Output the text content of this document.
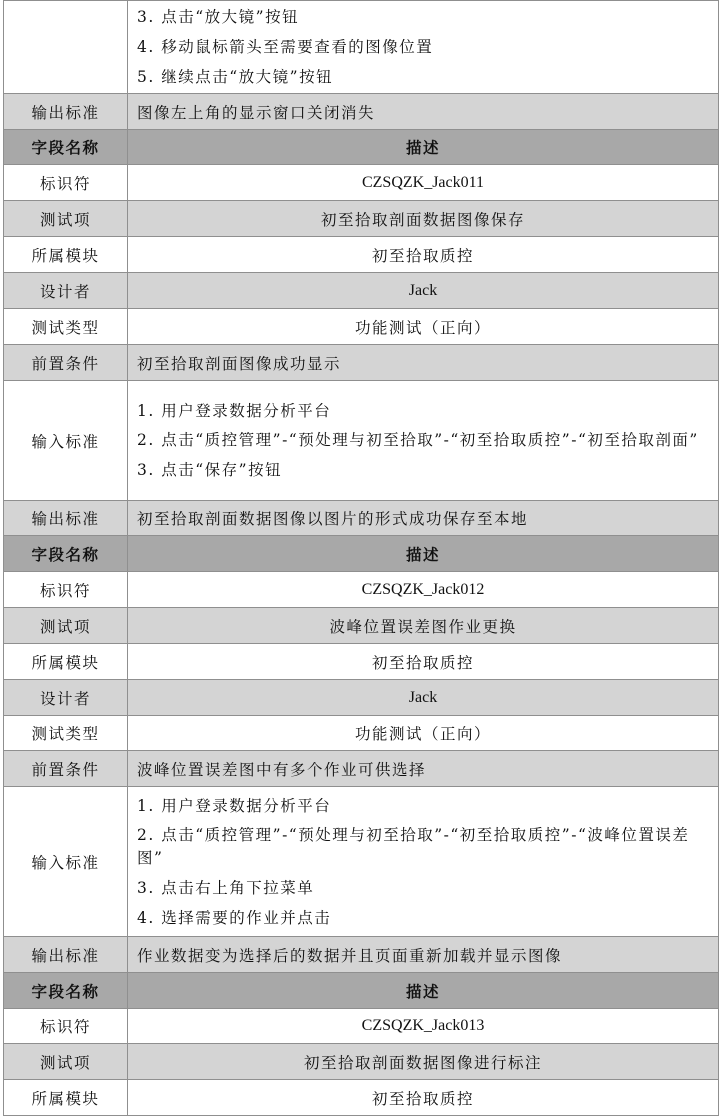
	3. 点击“放大镜”按钮
4. 移动鼠标箭头至需要查看的图像位置
5. 继续点击“放大镜”按钮

输出标准	图像左上角的显示窗口关闭消失
字段名称	描述
标识符	CZSQZK_Jack011
测试项	初至拾取剖面数据图像保存
所属模块	初至拾取质控
设计者	Jack
测试类型	功能测试（正向）
前置条件	初至拾取剖面图像成功显示
输入标准	1. 用户登录数据分析平台
2. 点击“质控管理”-“预处理与初至拾取”-“初至拾取质控”-“初至拾取剖面”
3. 点击“保存”按钮

输出标准	初至拾取剖面数据图像以图片的形式成功保存至本地
字段名称	描述
标识符	CZSQZK_Jack012
测试项	波峰位置误差图作业更换
所属模块	初至拾取质控
设计者	Jack
测试类型	功能测试（正向）
前置条件	波峰位置误差图中有多个作业可供选择
输入标准	1. 用户登录数据分析平台
2. 点击“质控管理”-“预处理与初至拾取”-“初至拾取质控”-“波峰位置误差图”
3. 点击右上角下拉菜单
4. 选择需要的作业并点击

输出标准	作业数据变为选择后的数据并且页面重新加载并显示图像
字段名称	描述
标识符	CZSQZK_Jack013
测试项	初至拾取剖面数据图像进行标注
所属模块	初至拾取质控
